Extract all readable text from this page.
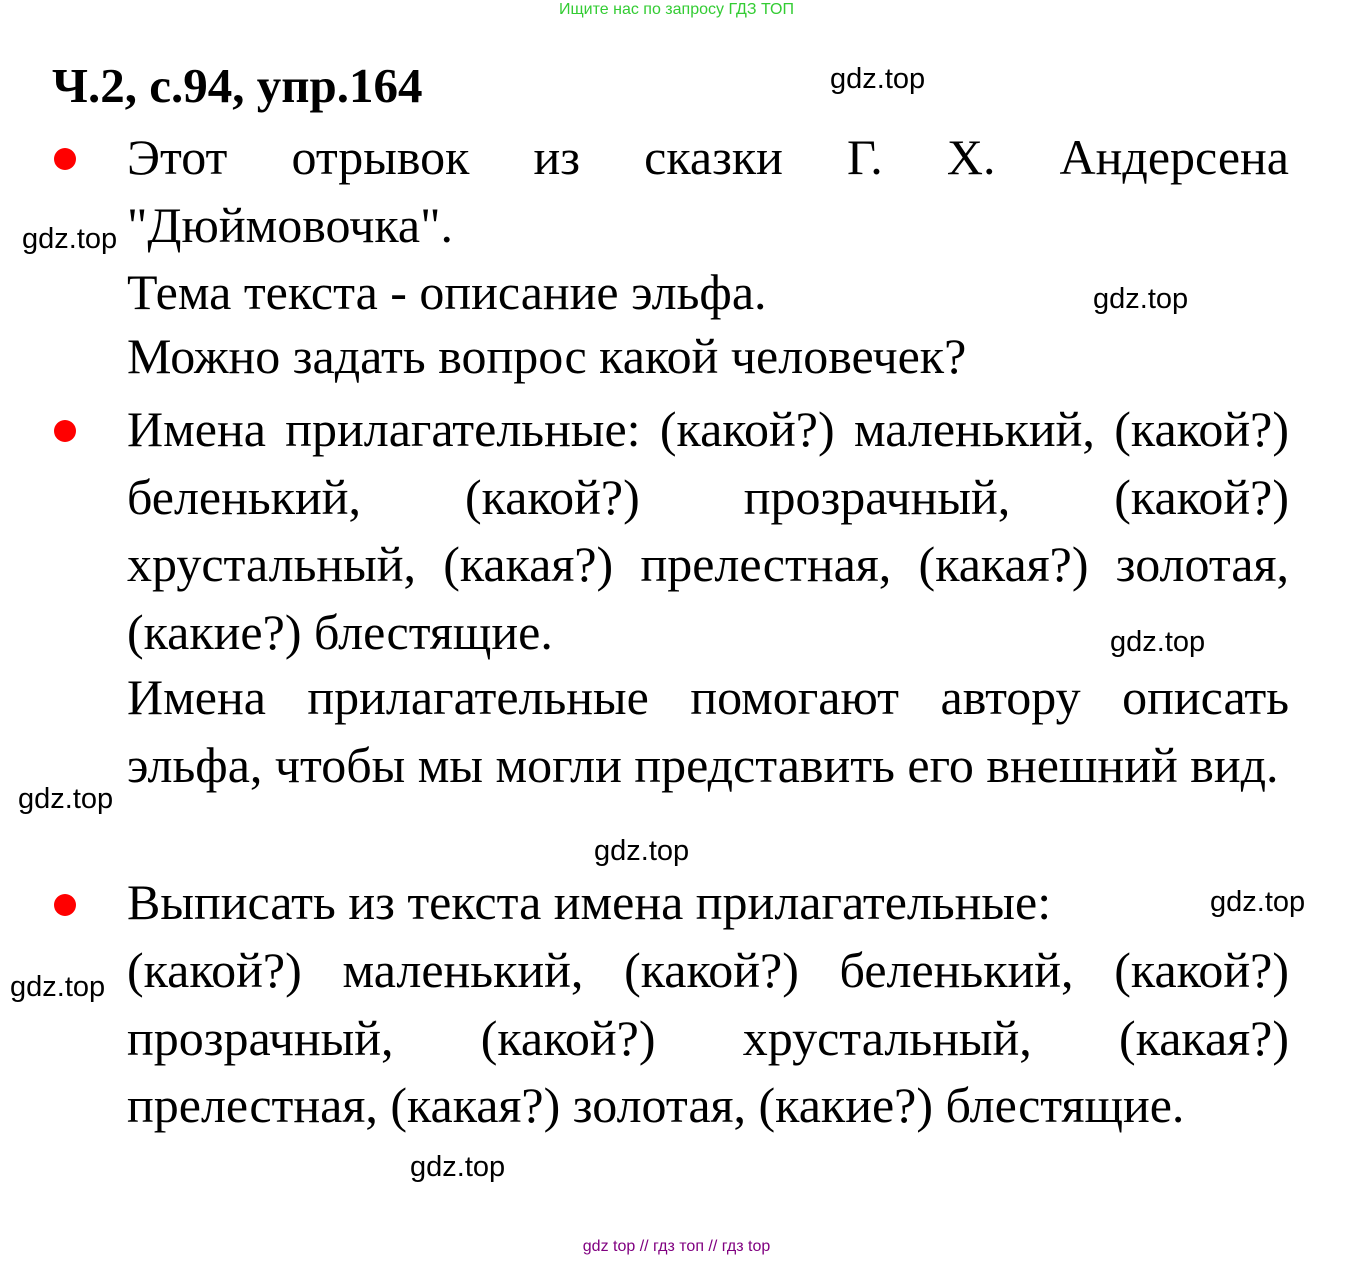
Ищите нас по запросу ГДЗ ТОП
Ч.2, с.94, упр.164
Этот отрывок из сказки Г. Х. Андерсена "Дюймовочка".
Тема текста - описание эльфа.
Можно задать вопрос какой человечек?
Имена прилагательные: (какой?) маленький, (какой?) беленький, (какой?) прозрачный, (какой?) хрустальный, (какая?) прелестная, (какая?) золотая, (какие?) блестящие.
Имена прилагательные помогают автору описать эльфа, чтобы мы могли представить его внешний вид.
Выписать из текста имена прилагательные:
(какой?) маленький, (какой?) беленький, (какой?) прозрачный, (какой?) хрустальный, (какая?) прелестная, (какая?) золотая, (какие?) блестящие.
gdz.top
gdz.top
gdz.top
gdz.top
gdz.top
gdz.top
gdz.top
gdz.top
gdz.top
gdz top // гдз топ // гдз top
